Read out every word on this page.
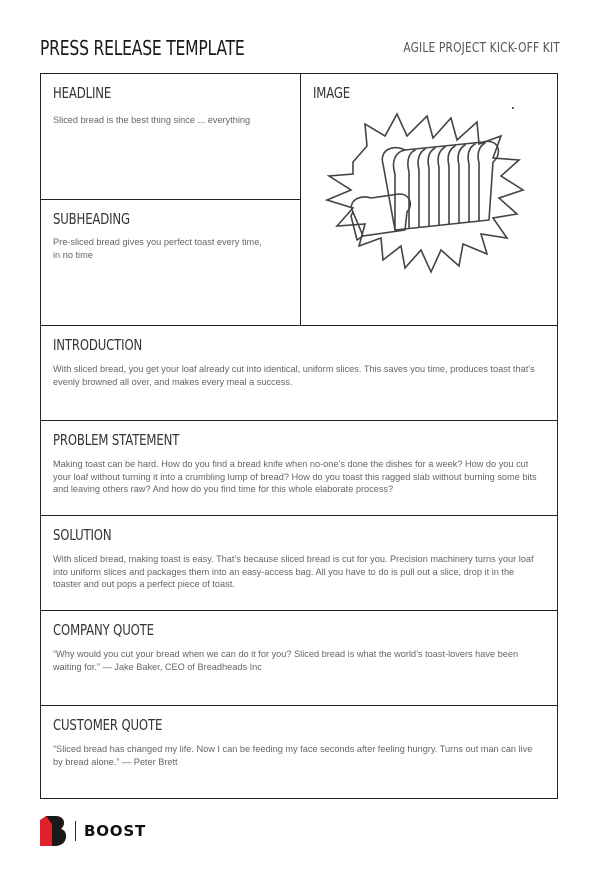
PRESS RELEASE TEMPLATE	AGILE PROJECT KICK-OFF KIT
HEADLINE

Sliced bread is the best thing since ... everything

SUBHEADING

Pre-sliced bread gives you perfect toast every time, in no time

IMAGE
INTRODUCTION

With sliced bread, you get your loaf already cut into identical, uniform slices. This saves you time, produces toast that’s evenly browned all over, and makes every meal a success.

PROBLEM STATEMENT

Making toast can be hard. How do you find a bread knife when no-one’s done the dishes for a week? How do you cut your loaf without turning it into a crumbling lump of bread? How do you toast this ragged slab without burning some bits and leaving others raw? And how do you find time for this whole elaborate process?

SOLUTION

With sliced bread, making toast is easy. That’s because sliced bread is cut for you. Precision machinery turns your loaf into uniform slices and packages them into an easy-access bag. All you have to do is pull out a slice, drop it in the toaster and out pops a perfect piece of toast.

COMPANY QUOTE

“Why would you cut your bread when we can do it for you? Sliced bread is what the world’s toast-lovers have been waiting for.” — Jake Baker, CEO of Breadheads Inc

CUSTOMER QUOTE

“Sliced bread has changed my life. Now I can be feeding my face seconds after feeling hungry. Turns out man can live by bread alone.” — Peter Brett

BOOST
